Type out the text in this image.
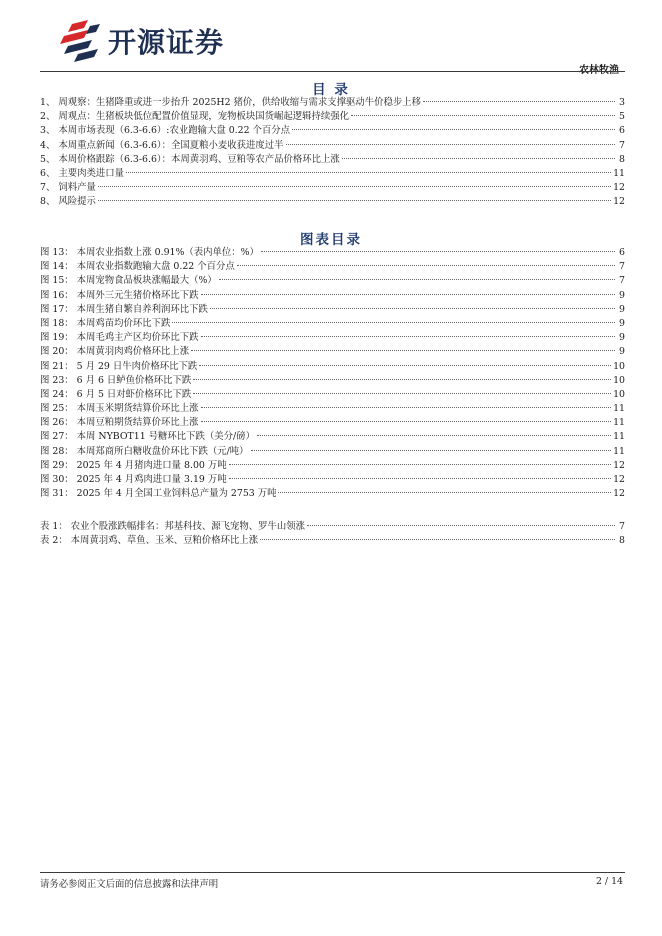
开源证券
目 录
1、 周观察：生猪降重或进一步抬升 2025H2 猪价，供给收缩与需求支撑驱动牛价稳步上移	3
2、 周观点：生猪板块低位配置价值显现，宠物板块国货崛起逻辑持续强化	5
3、 本周市场表现（6.3-6.6）:农业跑输大盘 0.22 个百分点	6
4、 本周重点新闻（6.3-6.6）：全国夏粮小麦收获进度过半	7
5、 本周价格跟踪（6.3-6.6）：本周黄羽鸡、豆粕等农产品价格环比上涨	8
6、 主要肉类进口量	11
7、 饲料产量	12
8、 风险提示	12
图表目录
图 13： 本周农业指数上涨 0.91%（表内单位：%）	6
图 14： 本周农业指数跑输大盘 0.22 个百分点	7
图 15： 本周宠物食品板块涨幅最大（%）	7
图 16： 本周外三元生猪价格环比下跌	9
图 17： 本周生猪自繁自养利润环比下跌	9
图 18： 本周鸡苗均价环比下跌	9
图 19： 本周毛鸡主产区均价环比下跌	9
图 20： 本周黄羽肉鸡价格环比上涨	9
图 21： 5 月 29 日牛肉价格环比下跌	10
图 23： 6 月 6 日鲈鱼价格环比下跌	10
图 24： 6 月 5 日对虾价格环比下跌	10
图 25： 本周玉米期货结算价环比上涨	11
图 26： 本周豆粕期货结算价环比上涨	11
图 27： 本周 NYBOT11 号糖环比下跌（美分/磅）	11
图 28： 本周郑商所白糖收盘价环比下跌（元/吨）	11
图 29： 2025 年 4 月猪肉进口量 8.00 万吨	12
图 30： 2025 年 4 月鸡肉进口量 3.19 万吨	12
图 31： 2025 年 4 月全国工业饲料总产量为 2753 万吨	12
表 1： 农业个股涨跌幅排名：邦基科技、源飞宠物、罗牛山领涨	7
表 2： 本周黄羽鸡、草鱼、玉米、豆粕价格环比上涨	8
请务必参阅正文后面的信息披露和法律声明	2 / 14
